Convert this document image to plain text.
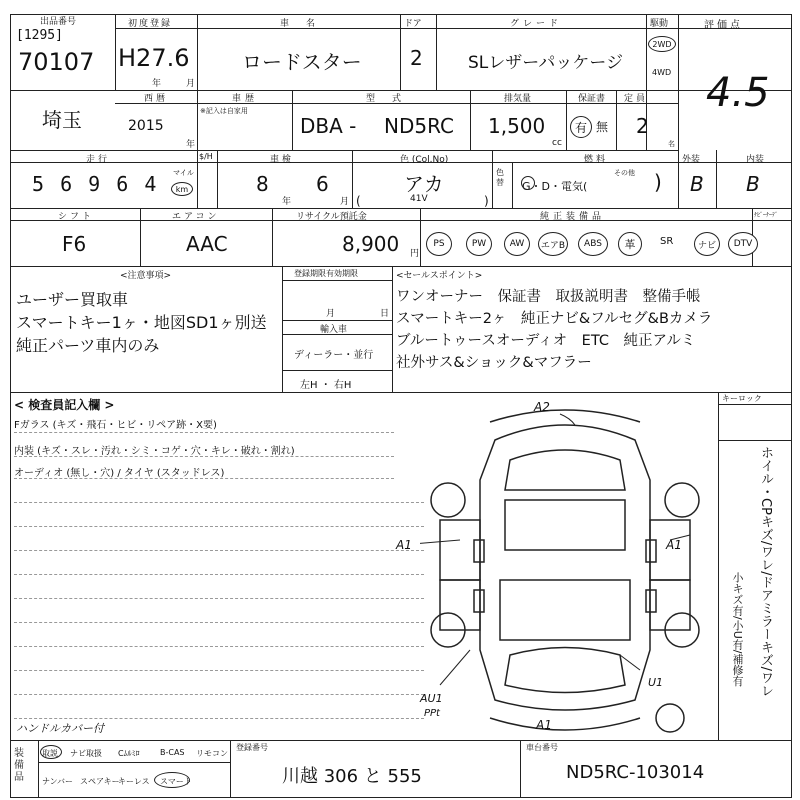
出品番号
[1295]
70107
初度登録
H27.6
年	月
車　名
ロードスター
ドア
2
グレード
SLレザーパッケージ
駆動
2WD
4WD
評価点
4.5
埼玉
西暦
2015
年
車歴
※記入は自家用
型　式
DBA - ND5RC
排気量
1,500
cc
保証書
有 無
定員
2
名
走行
5 6 9 6 4 マイル
km
$/H	車検
8
年
6
月
色 (Col.No)
アカ
41V
(	)
色替
燃料
G・D・電気(
その他 )
外装
B
内装
B
シフト
F6
エアコン
AAC
リサイクル預託金
8,900 円
純正装備品	ﾅﾋﾞｰﾅｰﾃﾞ
PS	PW	AW	エアB	ABS	革	SR	ナビ	DTV
<注意事項>
ユーザー買取車
スマートキー1ヶ・地図SD1ヶ別送
純正パーツ車内のみ
登録期限有効期限
月	日
輸入車
ディーラー・並行
左H ・ 右H
<セールスポイント>
ワンオーナー　保証書　取扱説明書　整備手帳
スマートキー2ヶ　純正ナビ&フルセグ&Bカメラ
ブルートゥースオーディオ　ETC　純正アルミ
社外サス&ショック&マフラー
< 検査員記入欄 >
Fガラス (キズ・飛石・ヒビ・リペア跡・X要)
内装 (キズ・スレ・汚れ・シミ・コゲ・穴・キレ・破れ・割れ)
オーディオ (無し・穴) / タイヤ (スタッドレス)
ハンドルカバー付
A2
A1	A1
AU1
PPt
U1
A1
キーロック
ホイル・CPキズ/ワレ/ドアミラーキズ/ワレ
小キズ有/小U有/補修有
装備品
取説 ナビ取扱 Cﾑﾙﾐﾛ	B-CAS リモコン
ナンバー スペアキー
キーレス スマート
登録番号
川越 306 と 555
車台番号
ND5RC-103014
